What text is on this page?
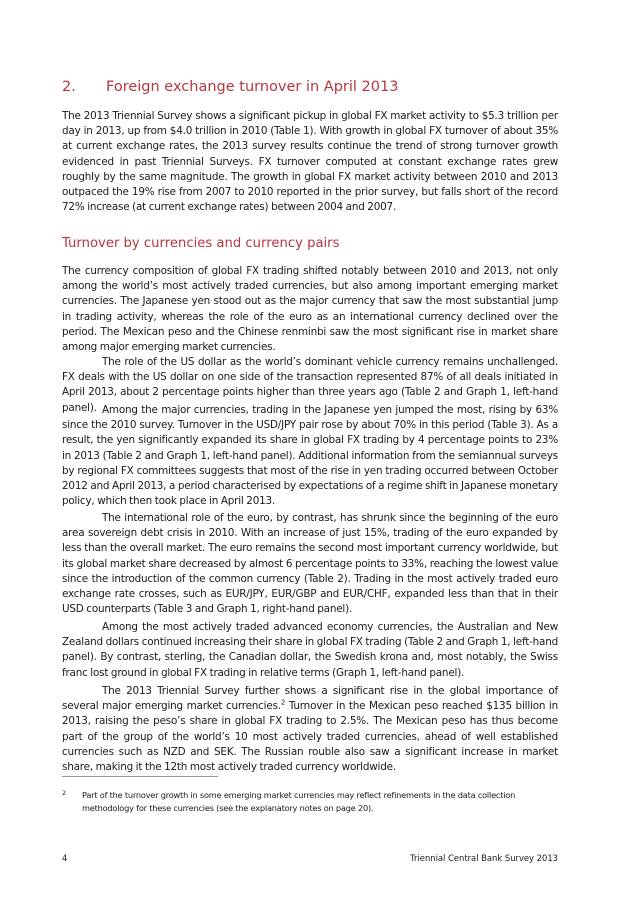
2. Foreign exchange turnover in April 2013

The 2013 Triennial Survey shows a significant pickup in global FX market activity to $5.3 trillion per day in 2013, up from $4.0 trillion in 2010 (Table 1). With growth in global FX turnover of about 35% at current exchange rates, the 2013 survey results continue the trend of strong turnover growth evidenced in past Triennial Surveys. FX turnover computed at constant exchange rates grew roughly by the same magnitude. The growth in global FX market activity between 2010 and 2013 outpaced the 19% rise from 2007 to 2010 reported in the prior survey, but falls short of the record 72% increase (at current exchange rates) between 2004 and 2007.

Turnover by currencies and currency pairs

The currency composition of global FX trading shifted notably between 2010 and 2013, not only among the world’s most actively traded currencies, but also among important emerging market currencies. The Japanese yen stood out as the major currency that saw the most substantial jump in trading activity, whereas the role of the euro as an international currency declined over the period. The Mexican peso and the Chinese renminbi saw the most significant rise in market share among major emerging market currencies.

The role of the US dollar as the world’s dominant vehicle currency remains unchallenged. FX deals with the US dollar on one side of the transaction represented 87% of all deals initiated in April 2013, about 2 percentage points higher than three years ago (Table 2 and Graph 1, left-hand panel). Among the major currencies, trading in the Japanese yen jumped the most, rising by 63% since the 2010 survey. Turnover in the USD/JPY pair rose by about 70% in this period (Table 3). As a result, the yen significantly expanded its share in global FX trading by 4 percentage points to 23% in 2013 (Table 2 and Graph 1, left-hand panel). Additional information from the semiannual surveys by regional FX committees suggests that most of the rise in yen trading occurred between October 2012 and April 2013, a period characterised by expectations of a regime shift in Japanese monetary policy, which then took place in April 2013.

The international role of the euro, by contrast, has shrunk since the beginning of the euro area sovereign debt crisis in 2010. With an increase of just 15%, trading of the euro expanded by less than the overall market. The euro remains the second most important currency worldwide, but its global market share decreased by almost 6 percentage points to 33%, reaching the lowest value since the introduction of the common currency (Table 2). Trading in the most actively traded euro exchange rate crosses, such as EUR/JPY, EUR/GBP and EUR/CHF, expanded less than that in their USD counterparts (Table 3 and Graph 1, right-hand panel).

Among the most actively traded advanced economy currencies, the Australian and New Zealand dollars continued increasing their share in global FX trading (Table 2 and Graph 1, left-hand panel). By contrast, sterling, the Canadian dollar, the Swedish krona and, most notably, the Swiss franc lost ground in global FX trading in relative terms (Graph 1, left-hand panel).

The 2013 Triennial Survey further shows a significant rise in the global importance of several major emerging market currencies.$^2$ Turnover in the Mexican peso reached $135 billion in 2013, raising the peso’s share in global FX trading to 2.5%. The Mexican peso has thus become part of the group of the world’s 10 most actively traded currencies, ahead of well established currencies such as NZD and SEK. The Russian rouble also saw a significant increase in market share, making it the 12th most actively traded currency worldwide.

2 Part of the turnover growth in some emerging market currencies may reflect refinements in the data collection methodology for these currencies (see the explanatory notes on page 20).
4	Triennial Central Bank Survey 2013
